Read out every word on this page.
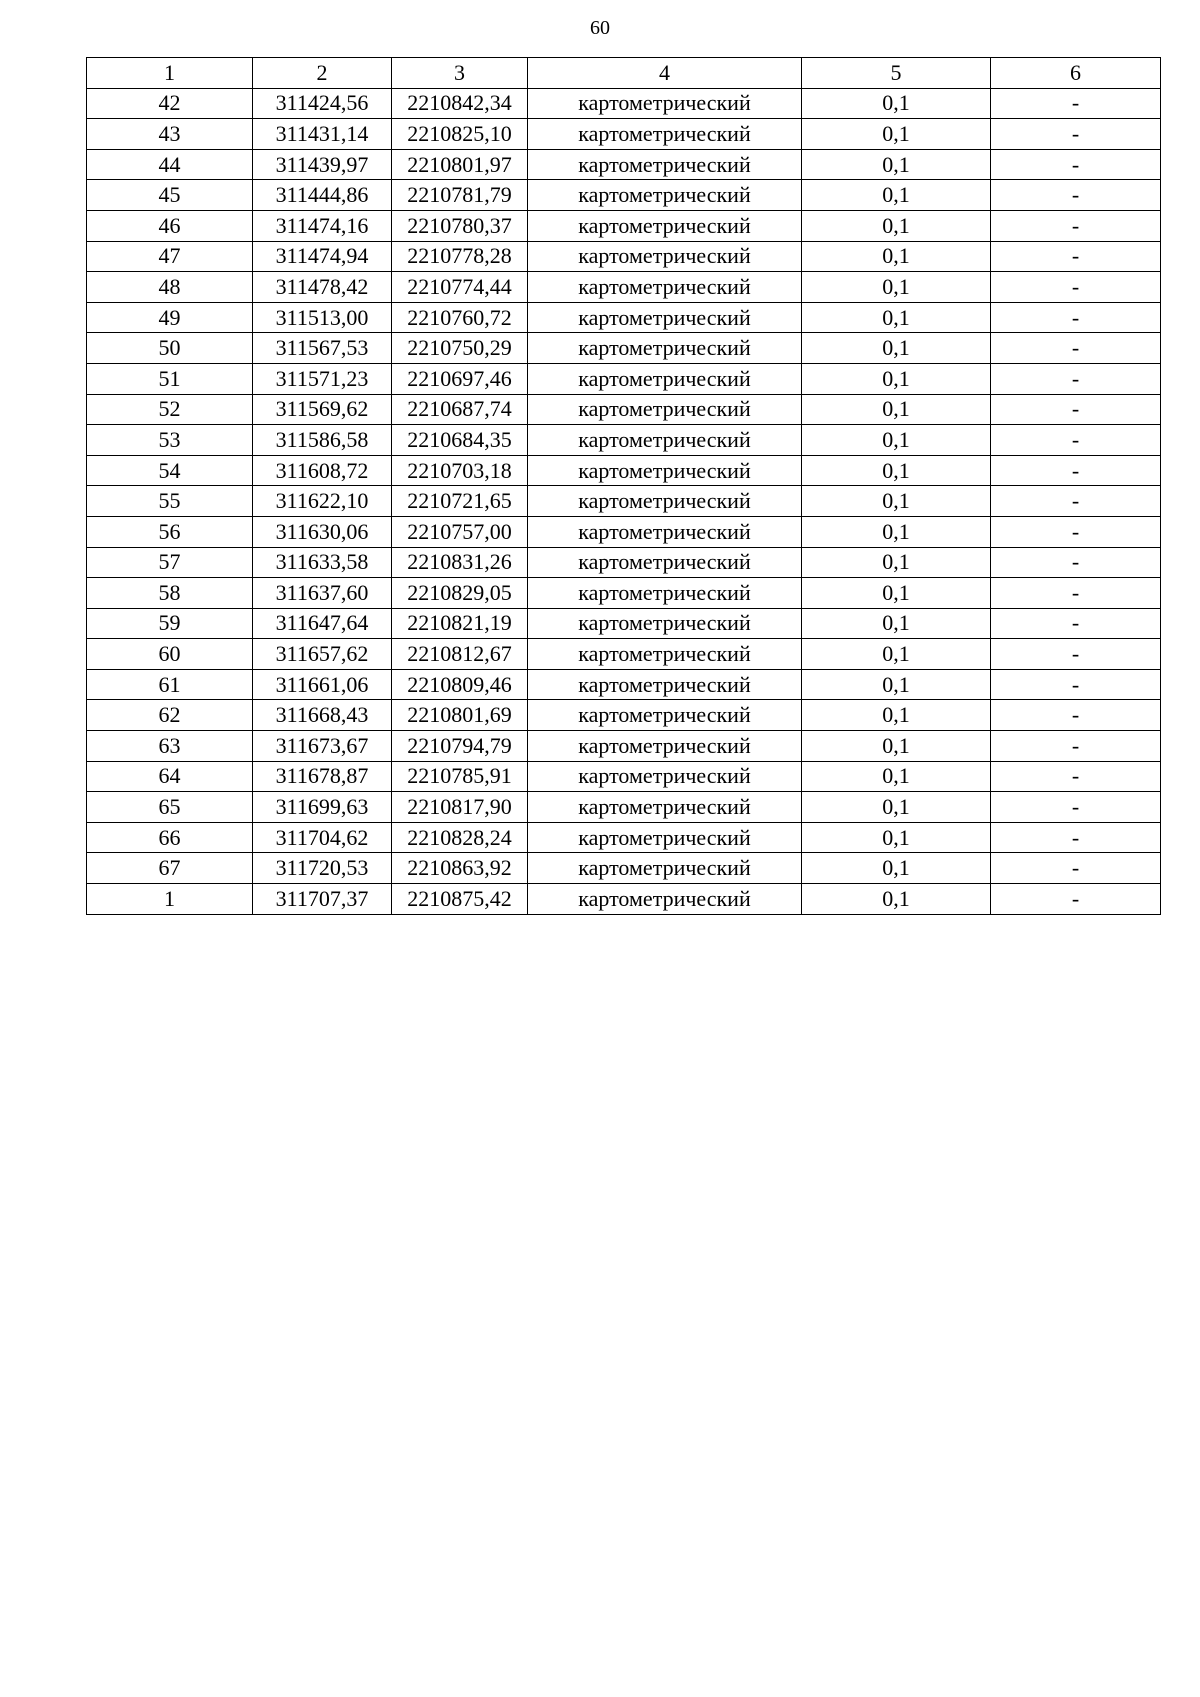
60
1	2	3	4	5	6
42	311424,56	2210842,34	картометрический	0,1	-
43	311431,14	2210825,10	картометрический	0,1	-
44	311439,97	2210801,97	картометрический	0,1	-
45	311444,86	2210781,79	картометрический	0,1	-
46	311474,16	2210780,37	картометрический	0,1	-
47	311474,94	2210778,28	картометрический	0,1	-
48	311478,42	2210774,44	картометрический	0,1	-
49	311513,00	2210760,72	картометрический	0,1	-
50	311567,53	2210750,29	картометрический	0,1	-
51	311571,23	2210697,46	картометрический	0,1	-
52	311569,62	2210687,74	картометрический	0,1	-
53	311586,58	2210684,35	картометрический	0,1	-
54	311608,72	2210703,18	картометрический	0,1	-
55	311622,10	2210721,65	картометрический	0,1	-
56	311630,06	2210757,00	картометрический	0,1	-
57	311633,58	2210831,26	картометрический	0,1	-
58	311637,60	2210829,05	картометрический	0,1	-
59	311647,64	2210821,19	картометрический	0,1	-
60	311657,62	2210812,67	картометрический	0,1	-
61	311661,06	2210809,46	картометрический	0,1	-
62	311668,43	2210801,69	картометрический	0,1	-
63	311673,67	2210794,79	картометрический	0,1	-
64	311678,87	2210785,91	картометрический	0,1	-
65	311699,63	2210817,90	картометрический	0,1	-
66	311704,62	2210828,24	картометрический	0,1	-
67	311720,53	2210863,92	картометрический	0,1	-
1	311707,37	2210875,42	картометрический	0,1	-
